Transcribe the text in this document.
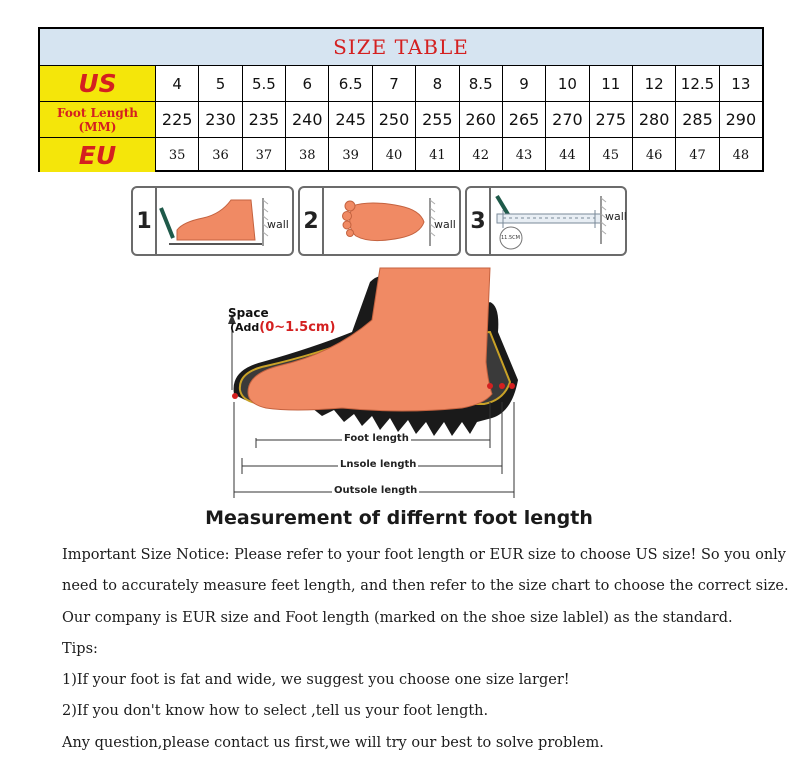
SIZE TABLE
US	4	5	5.5	6	6.5	7	8	8.5	9	10	11	12	12.5	13
Foot Length
(MM)	225 230 235 240 245 250 255 260 265 270 275 280 285 290
EU	35	36	37	38	39	40	41	42	43	44	45	46	47	48
1	wall 2	wall 3
11.5CM
wall
Space
(Add(0~1.5cm)
Foot length
Lnsole length
Outsole length
Measurement of differnt foot length
Important Size Notice: Please refer to your foot length or EUR size to choose US size! So you only
need to accurately measure feet length, and then refer to the size chart to choose the correct size.
Our company is EUR size and Foot length (marked on the shoe size lablel) as the standard.
Tips:
1)If your foot is fat and wide, we suggest you choose one size larger!
2)If you don't know how to select ,tell us your foot length.
Any question,please contact us first,we will try our best to solve problem.
